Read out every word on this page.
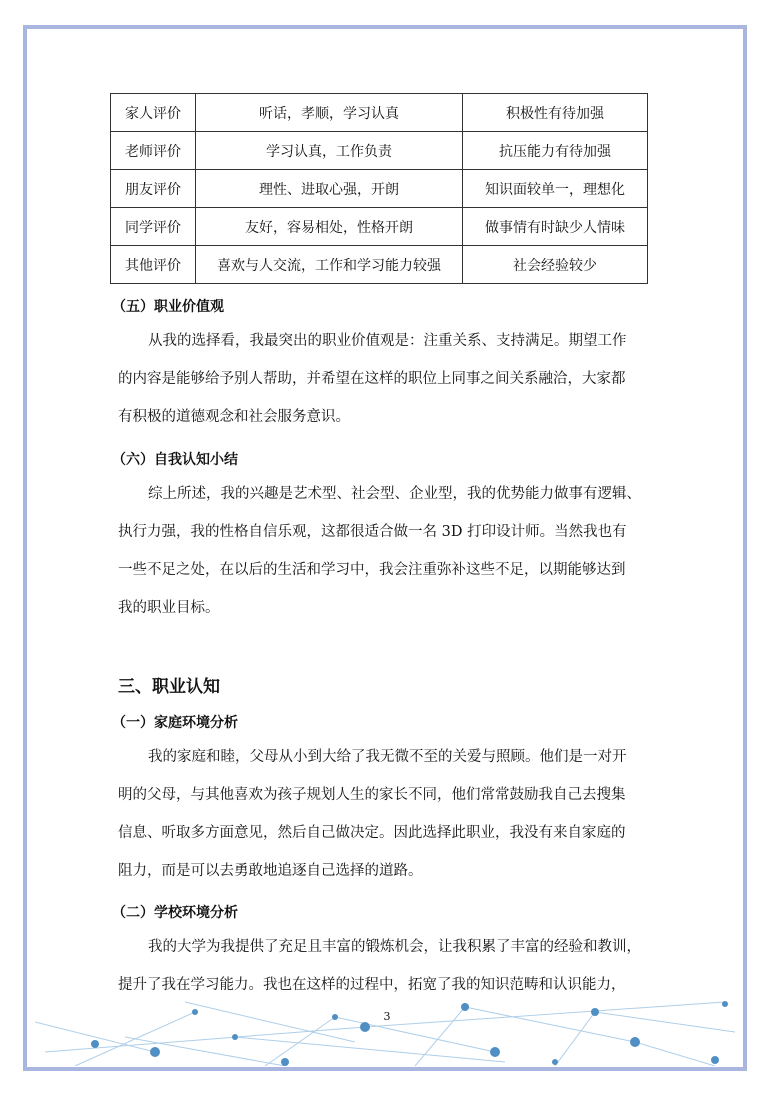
家人评价	听话，孝顺，学习认真	积极性有待加强
老师评价	学习认真，工作负责	抗压能力有待加强
朋友评价	理性、进取心强，开朗	知识面较单一，理想化
同学评价	友好，容易相处，性格开朗	做事情有时缺少人情味
其他评价	喜欢与人交流，工作和学习能力较强	社会经验较少
（五）职业价值观
从我的选择看，我最突出的职业价值观是：注重关系、支持满足。期望工作
的内容是能够给予别人帮助，并希望在这样的职位上同事之间关系融洽，大家都
有积极的道德观念和社会服务意识。
（六）自我认知小结
综上所述，我的兴趣是艺术型、社会型、企业型，我的优势能力做事有逻辑、
执行力强，我的性格自信乐观，这都很适合做一名 3D 打印设计师。当然我也有
一些不足之处，在以后的生活和学习中，我会注重弥补这些不足，以期能够达到
我的职业目标。
三、职业认知
（一）家庭环境分析
我的家庭和睦，父母从小到大给了我无微不至的关爱与照顾。他们是一对开
明的父母，与其他喜欢为孩子规划人生的家长不同，他们常常鼓励我自己去搜集
信息、听取多方面意见，然后自己做决定。因此选择此职业，我没有来自家庭的
阻力，而是可以去勇敢地追逐自己选择的道路。
（二）学校环境分析
我的大学为我提供了充足且丰富的锻炼机会，让我积累了丰富的经验和教训，
提升了我在学习能力。我也在这样的过程中，拓宽了我的知识范畴和认识能力，
3
